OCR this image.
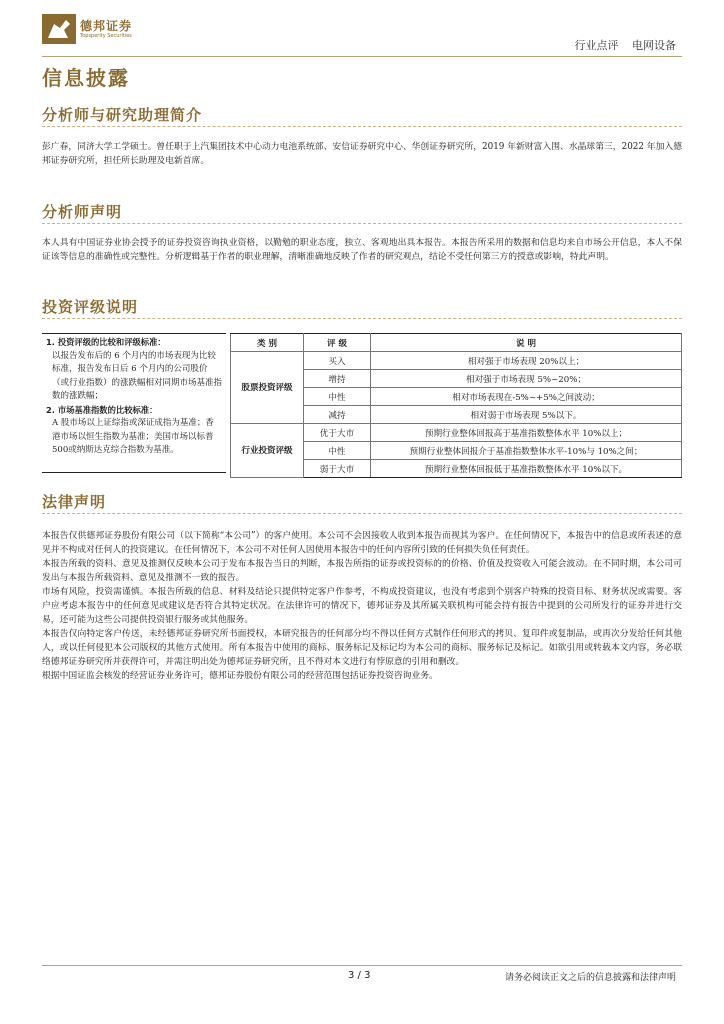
德邦证券
Topsperity Securities
行业点评 电网设备
信息披露
分析师与研究助理简介
彭广春，同济大学工学硕士。曾任职于上汽集团技术中心动力电池系统部、安信证券研究中心、华创证券研究所，2019 年新财富入围、水晶球第三，2022 年加入德邦证券研究所，担任所长助理及电新首席。
分析师声明
本人具有中国证券业协会授予的证券投资咨询执业资格，以勤勉的职业态度，独立、客观地出具本报告。本报告所采用的数据和信息均来自市场公开信息，本人不保证该等信息的准确性或完整性。分析逻辑基于作者的职业理解，清晰准确地反映了作者的研究观点，结论不受任何第三方的授意或影响，特此声明。
投资评级说明
1. 投资评级的比较和评级标准：
以报告发布后的 6 个月内的市场表现为比较标准，报告发布日后 6 个月内的公司股价（或行业指数）的涨跌幅相对同期市场基准指数的涨跌幅；
2. 市场基准指数的比较标准：
A 股市场以上证综指或深证成指为基准；香港市场以恒生指数为基准；美国市场以标普500或纳斯达克综合指数为基准。
类 别	评 级	说 明
股票投资评级	买入	相对强于市场表现 20%以上；
	增持	相对强于市场表现 5%~20%；
	中性	相对市场表现在-5%~+5%之间波动；
	减持	相对弱于市场表现 5%以下。
行业投资评级	优于大市	预期行业整体回报高于基准指数整体水平 10%以上；
	中性	预期行业整体回报介于基准指数整体水平-10%与 10%之间；
	弱于大市	预期行业整体回报低于基准指数整体水平 10%以下。
法律声明
本报告仅供德邦证券股份有限公司（以下简称“本公司”）的客户使用。本公司不会因接收人收到本报告而视其为客户。在任何情况下，本报告中的信息或所表述的意见并不构成对任何人的投资建议。在任何情况下，本公司不对任何人因使用本报告中的任何内容所引致的任何损失负任何责任。
本报告所载的资料、意见及推测仅反映本公司于发布本报告当日的判断，本报告所指的证券或投资标的的价格、价值及投资收入可能会波动。在不同时期，本公司可发出与本报告所载资料、意见及推测不一致的报告。
市场有风险，投资需谨慎。本报告所载的信息、材料及结论只提供特定客户作参考，不构成投资建议，也没有考虑到个别客户特殊的投资目标、财务状况或需要。客户应考虑本报告中的任何意见或建议是否符合其特定状况。在法律许可的情况下，德邦证券及其所属关联机构可能会持有报告中提到的公司所发行的证券并进行交易，还可能为这些公司提供投资银行服务或其他服务。
本报告仅向特定客户传送，未经德邦证券研究所书面授权，本研究报告的任何部分均不得以任何方式制作任何形式的拷贝、复印件或复制品，或再次分发给任何其他人，或以任何侵犯本公司版权的其他方式使用。所有本报告中使用的商标、服务标记及标记均为本公司的商标、服务标记及标记。如欲引用或转载本文内容，务必联络德邦证券研究所并获得许可，并需注明出处为德邦证券研究所，且不得对本文进行有悖原意的引用和删改。
根据中国证监会核发的经营证券业务许可，德邦证券股份有限公司的经营范围包括证券投资咨询业务。
3 / 3	请务必阅读正文之后的信息披露和法律声明
